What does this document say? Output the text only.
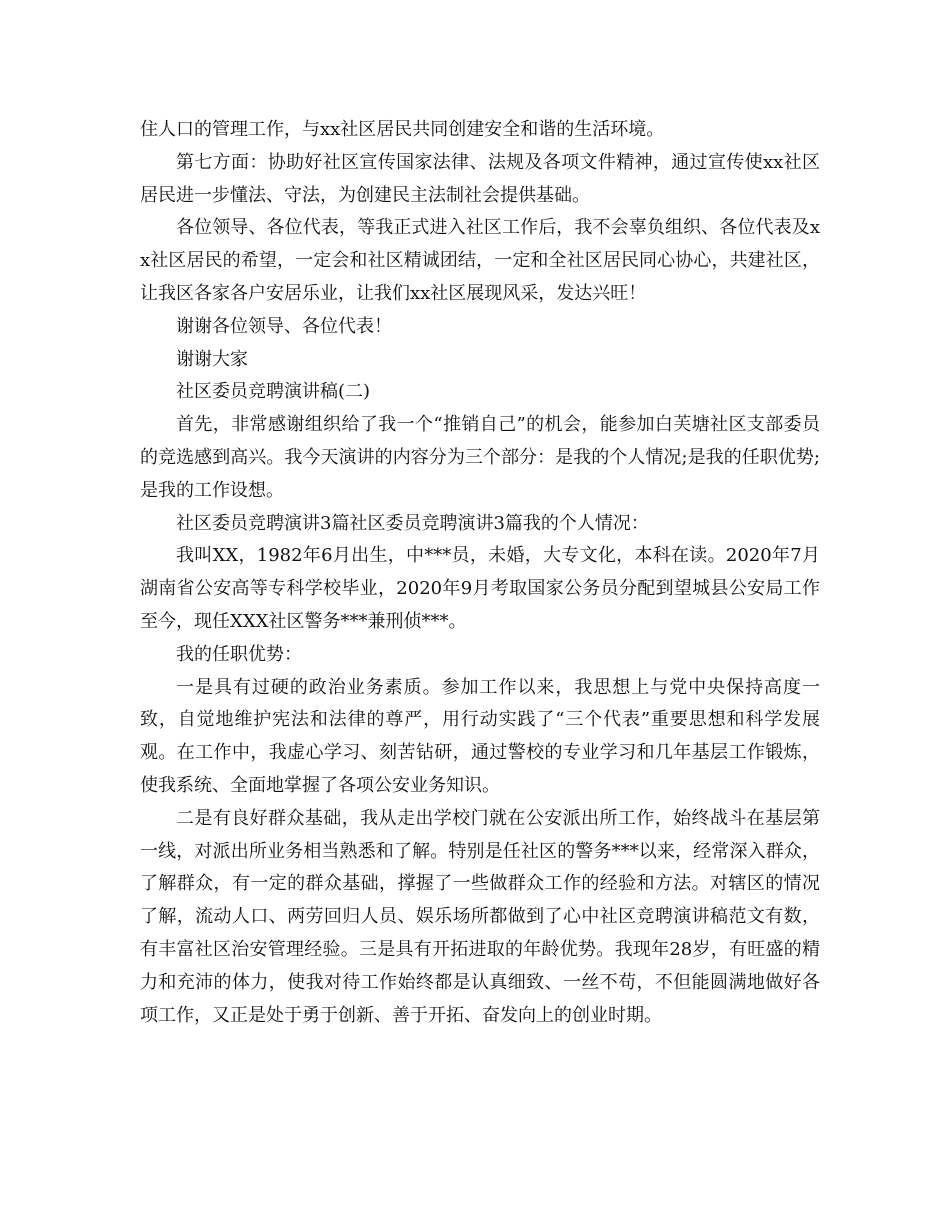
住人口的管理工作，与xx社区居民共同创建安全和谐的生活环境。

第七方面：协助好社区宣传国家法律、法规及各项文件精神，通过宣传使xx社区居民进一步懂法、守法，为创建民主法制社会提供基础。

各位领导、各位代表，等我正式进入社区工作后，我不会辜负组织、各位代表及xx社区居民的希望，一定会和社区精诚团结，一定和全社区居民同心协心，共建社区，让我区各家各户安居乐业，让我们xx社区展现风采，发达兴旺！

谢谢各位领导、各位代表！

谢谢大家

社区委员竞聘演讲稿(二)

首先，非常感谢组织给了我一个“推销自己”的机会，能参加白芙塘社区支部委员的竞选感到高兴。我今天演讲的内容分为三个部分：是我的个人情况;是我的任职优势;是我的工作设想。

社区委员竞聘演讲3篇社区委员竞聘演讲3篇我的个人情况：

我叫XX，1982年6月出生，中***员，未婚，大专文化，本科在读。2020年7月湖南省公安高等专科学校毕业，2020年9月考取国家公务员分配到望城县公安局工作至今，现任XXX社区警务***兼刑侦***。

我的任职优势：

一是具有过硬的政治业务素质。参加工作以来，我思想上与党中央保持高度一致，自觉地维护宪法和法律的尊严，用行动实践了“三个代表”重要思想和科学发展观。在工作中，我虚心学习、刻苦钻研，通过警校的专业学习和几年基层工作锻炼，使我系统、全面地掌握了各项公安业务知识。

二是有良好群众基础，我从走出学校门就在公安派出所工作，始终战斗在基层第一线，对派出所业务相当熟悉和了解。特别是任社区的警务***以来，经常深入群众，了解群众，有一定的群众基础，撑握了一些做群众工作的经验和方法。对辖区的情况了解，流动人口、两劳回归人员、娱乐场所都做到了心中社区竞聘演讲稿范文有数，有丰富社区治安管理经验。三是具有开拓进取的年龄优势。我现年28岁，有旺盛的精力和充沛的体力，使我对待工作始终都是认真细致、一丝不苟，不但能圆满地做好各项工作，又正是处于勇于创新、善于开拓、奋发向上的创业时期。
